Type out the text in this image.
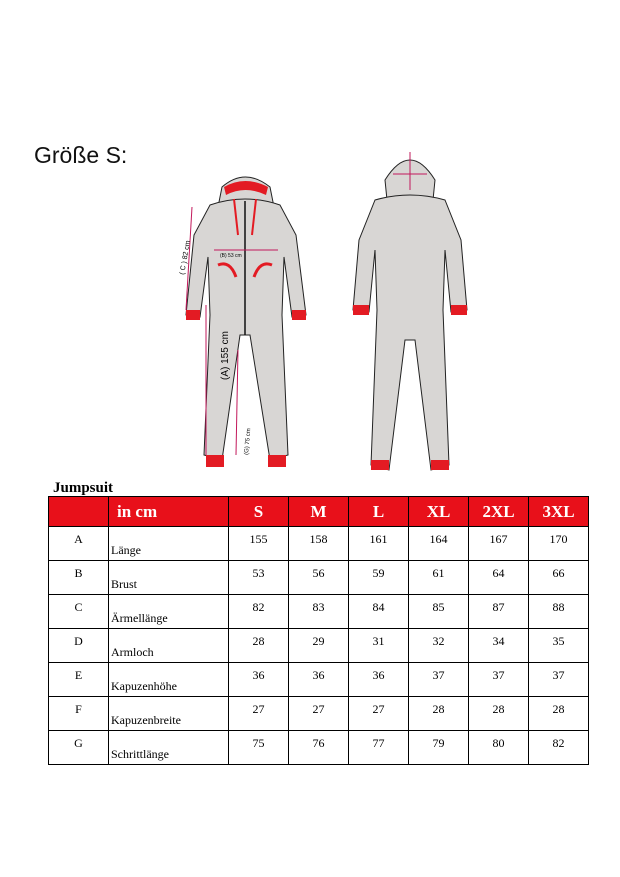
Größe S:
( C ) 82 cm	(B) 53 cm
(A) 155 cm
(G) 75 cm
Jumpsuit
	in cm	S	M	L	XL	2XL	3XL
A	Länge	155	158	161	164	167	170
B	Brust	53	56	59	61	64	66
C	Ärmellänge	82	83	84	85	87	88
D	Armloch	28	29	31	32	34	35
E	Kapuzenhöhe	36	36	36	37	37	37
F	Kapuzenbreite	27	27	27	28	28	28
G	Schrittlänge	75	76	77	79	80	82
